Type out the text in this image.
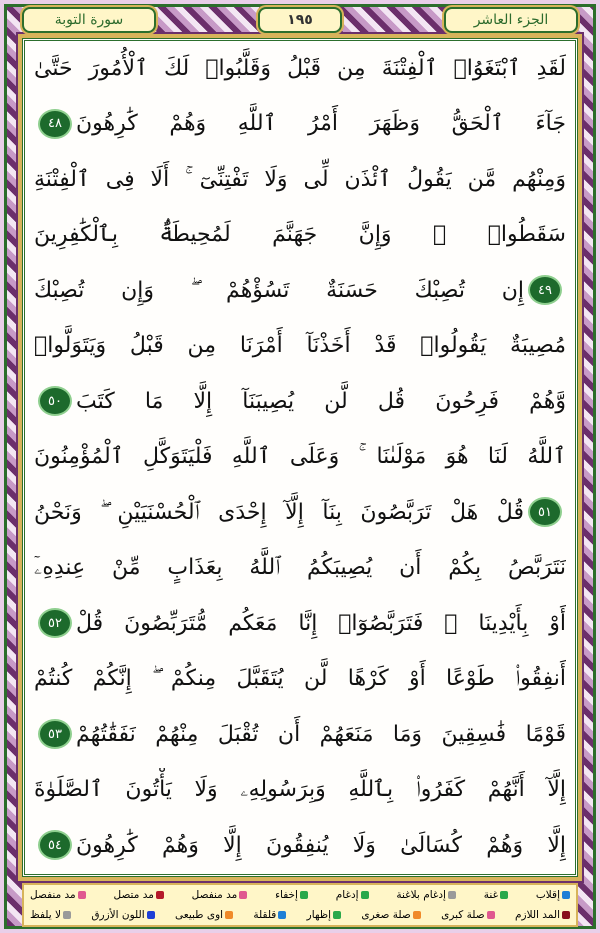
سورة التوبة	١٩٥	الجزء العاشر
لَقَدِ ٱبْتَغَوُا۟ ٱلْفِتْنَةَ مِن قَبْلُ وَقَلَّبُوا۟ لَكَ ٱلْأُمُورَ حَتَّىٰ
جَآءَ ٱلْحَقُّ وَظَهَرَ أَمْرُ ٱللَّهِ وَهُمْ كَٰرِهُونَ
٤٨
وَمِنْهُم مَّن يَقُولُ ٱئْذَن لِّى وَلَا تَفْتِنِّىٓ ۚ أَلَا فِى ٱلْفِتْنَةِ
سَقَطُوا۟ ۗ وَإِنَّ جَهَنَّمَ لَمُحِيطَةٌۢ بِٱلْكَٰفِرِينَ
٤٩
إِن تُصِبْكَ حَسَنَةٌ تَسُؤْهُمْ ۖ وَإِن تُصِبْكَ
مُصِيبَةٌ يَقُولُوا۟ قَدْ أَخَذْنَآ أَمْرَنَا مِن قَبْلُ وَيَتَوَلَّوا۟
وَّهُمْ فَرِحُونَ قُل لَّن يُصِيبَنَآ إِلَّا مَا كَتَبَ
٥٠
ٱللَّهُ لَنَا هُوَ مَوْلَىٰنَا ۚ وَعَلَى ٱللَّهِ فَلْيَتَوَكَّلِ ٱلْمُؤْمِنُونَ
٥١
قُلْ هَلْ تَرَبَّصُونَ بِنَآ إِلَّآ إِحْدَى ٱلْحُسْنَيَيْنِ ۖ وَنَحْنُ
نَتَرَبَّصُ بِكُمْ أَن يُصِيبَكُمُ ٱللَّهُ بِعَذَابٍ مِّنْ عِندِهِۦٓ
أَوْ بِأَيْدِينَا ۖ فَتَرَبَّصُوٓا۟ إِنَّا مَعَكُم مُّتَرَبِّصُونَ قُلْ
٥٢
أَنفِقُوا۟ طَوْعًا أَوْ كَرْهًا لَّن يُتَقَبَّلَ مِنكُمْ ۖ إِنَّكُمْ كُنتُمْ
قَوْمًا فَٰسِقِينَ وَمَا مَنَعَهُمْ أَن تُقْبَلَ مِنْهُمْ نَفَقَٰتُهُمْ
٥٣
إِلَّآ أَنَّهُمْ كَفَرُوا۟ بِٱللَّهِ وَبِرَسُولِهِۦ وَلَا يَأْتُونَ ٱلصَّلَوٰةَ
إِلَّا وَهُمْ كُسَالَىٰ وَلَا يُنفِقُونَ إِلَّا وَهُمْ كَٰرِهُونَ
٥٤
إقلاب
غنة
إدغام بلاغنة
إدغام
إخفاء
مد منفصل
مد متصل
مد منفصل
المد اللازم
صلة كبرى
صلة صغرى
إظهار
قلقلة
اوى طبيعى
اللون الأزرق
لا يلفظ
